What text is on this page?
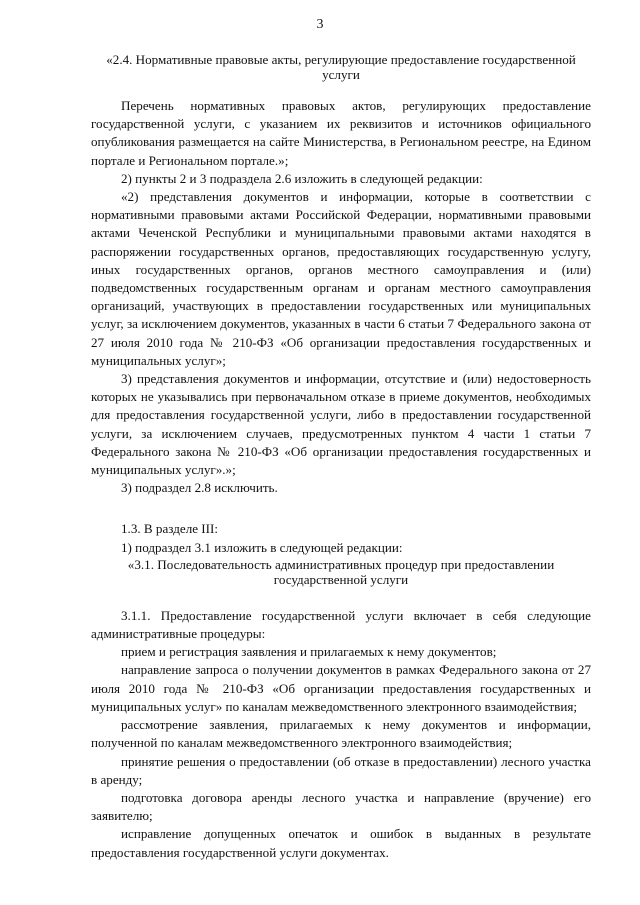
3

«2.4. Нормативные правовые акты, регулирующие предоставление государственной услуги

Перечень нормативных правовых актов, регулирующих предоставление государственной услуги, с указанием их реквизитов и источников официального опубликования размещается на сайте Министерства, в Региональном реестре, на Едином портале и Региональном портале.»;

2) пункты 2 и 3 подраздела 2.6 изложить в следующей редакции:

«2) представления документов и информации, которые в соответствии с нормативными правовыми актами Российской Федерации, нормативными правовыми актами Чеченской Республики и муниципальными правовыми актами находятся в распоряжении государственных органов, предоставляющих государственную услугу, иных государственных органов, органов местного самоуправления и (или) подведомственных государственным органам и органам местного самоуправления организаций, участвующих в предоставлении государственных или муниципальных услуг, за исключением документов, указанных в части 6 статьи 7 Федерального закона от 27 июля 2010 года № 210-ФЗ «Об организации предоставления государственных и муниципальных услуг»;

3) представления документов и информации, отсутствие и (или) недостоверность которых не указывались при первоначальном отказе в приеме документов, необходимых для предоставления государственной услуги, либо в предоставлении государственной услуги, за исключением случаев, предусмотренных пунктом 4 части 1 статьи 7 Федерального закона № 210-ФЗ «Об организации предоставления государственных и муниципальных услуг».»;

3) подраздел 2.8 исключить.

1.3. В разделе III:

1) подраздел 3.1 изложить в следующей редакции:

«3.1. Последовательность административных процедур при предоставлении государственной услуги

3.1.1. Предоставление государственной услуги включает в себя следующие административные процедуры:

прием и регистрация заявления и прилагаемых к нему документов;

направление запроса о получении документов в рамках Федерального закона от 27 июля 2010 года № 210-ФЗ «Об организации предоставления государственных и муниципальных услуг» по каналам межведомственного электронного взаимодействия;

рассмотрение заявления, прилагаемых к нему документов и информации, полученной по каналам межведомственного электронного взаимодействия;

принятие решения о предоставлении (об отказе в предоставлении) лесного участка в аренду;

подготовка договора аренды лесного участка и направление (вручение) его заявителю;

исправление допущенных опечаток и ошибок в выданных в результате предоставления государственной услуги документах.
